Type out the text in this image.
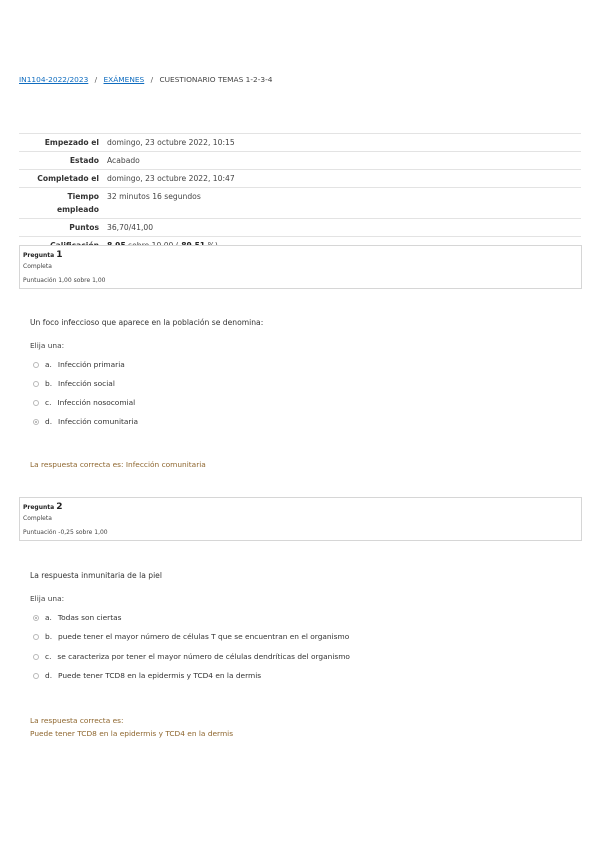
IN1104-2022/2023 / EXÁMENES / CUESTIONARIO TEMAS 1-2-3-4
Empezado el	domingo, 23 octubre 2022, 10:15
Estado	Acabado
Completado el	domingo, 23 octubre 2022, 10:47
Tiempo empleado	32 minutos 16 segundos
Puntos	36,70/41,00

Pregunta 1
Completa
Puntuación 1,00 sobre 1,00
Un foco infeccioso que aparece en la población se denomina:
Elija una:
a. Infección primaria
b. Infección social
c. Infección nosocomial
d. Infección comunitaria
La respuesta correcta es: Infección comunitaria
Pregunta 2
Completa
Puntuación -0,25 sobre 1,00
La respuesta inmunitaria de la piel
Elija una:
a. Todas son ciertas
b. puede tener el mayor número de células T que se encuentran en el organismo
c. se caracteriza por tener el mayor número de células dendríticas del organismo
d. Puede tener TCD8 en la epidermis y TCD4 en la dermis
La respuesta correcta es:
Puede tener TCD8 en la epidermis y TCD4 en la dermis
